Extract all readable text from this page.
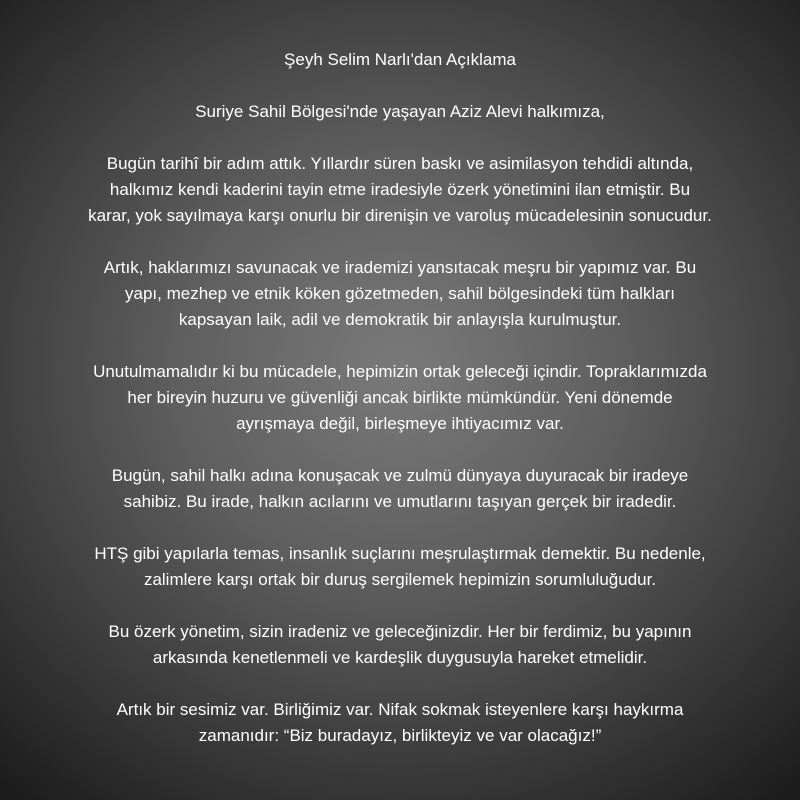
Şeyh Selim Narlı'dan Açıklama
Suriye Sahil Bölgesi'nde yaşayan Aziz Alevi halkımıza,
Bugün tarihî bir adım attık. Yıllardır süren baskı ve asimilasyon tehdidi altında,
halkımız kendi kaderini tayin etme iradesiyle özerk yönetimini ilan etmiştir. Bu
karar, yok sayılmaya karşı onurlu bir direnişin ve varoluş mücadelesinin sonucudur.
Artık, haklarımızı savunacak ve irademizi yansıtacak meşru bir yapımız var. Bu
yapı, mezhep ve etnik köken gözetmeden, sahil bölgesindeki tüm halkları
kapsayan laik, adil ve demokratik bir anlayışla kurulmuştur.
Unutulmamalıdır ki bu mücadele, hepimizin ortak geleceği içindir. Topraklarımızda
her bireyin huzuru ve güvenliği ancak birlikte mümkündür. Yeni dönemde
ayrışmaya değil, birleşmeye ihtiyacımız var.
Bugün, sahil halkı adına konuşacak ve zulmü dünyaya duyuracak bir iradeye
sahibiz. Bu irade, halkın acılarını ve umutlarını taşıyan gerçek bir iradedir.
HTŞ gibi yapılarla temas, insanlık suçlarını meşrulaştırmak demektir. Bu nedenle,
zalimlere karşı ortak bir duruş sergilemek hepimizin sorumluluğudur.
Bu özerk yönetim, sizin iradeniz ve geleceğinizdir. Her bir ferdimiz, bu yapının
arkasında kenetlenmeli ve kardeşlik duygusuyla hareket etmelidir.
Artık bir sesimiz var. Birliğimiz var. Nifak sokmak isteyenlere karşı haykırma
zamanıdır: “Biz buradayız, birlikteyiz ve var olacağız!”
